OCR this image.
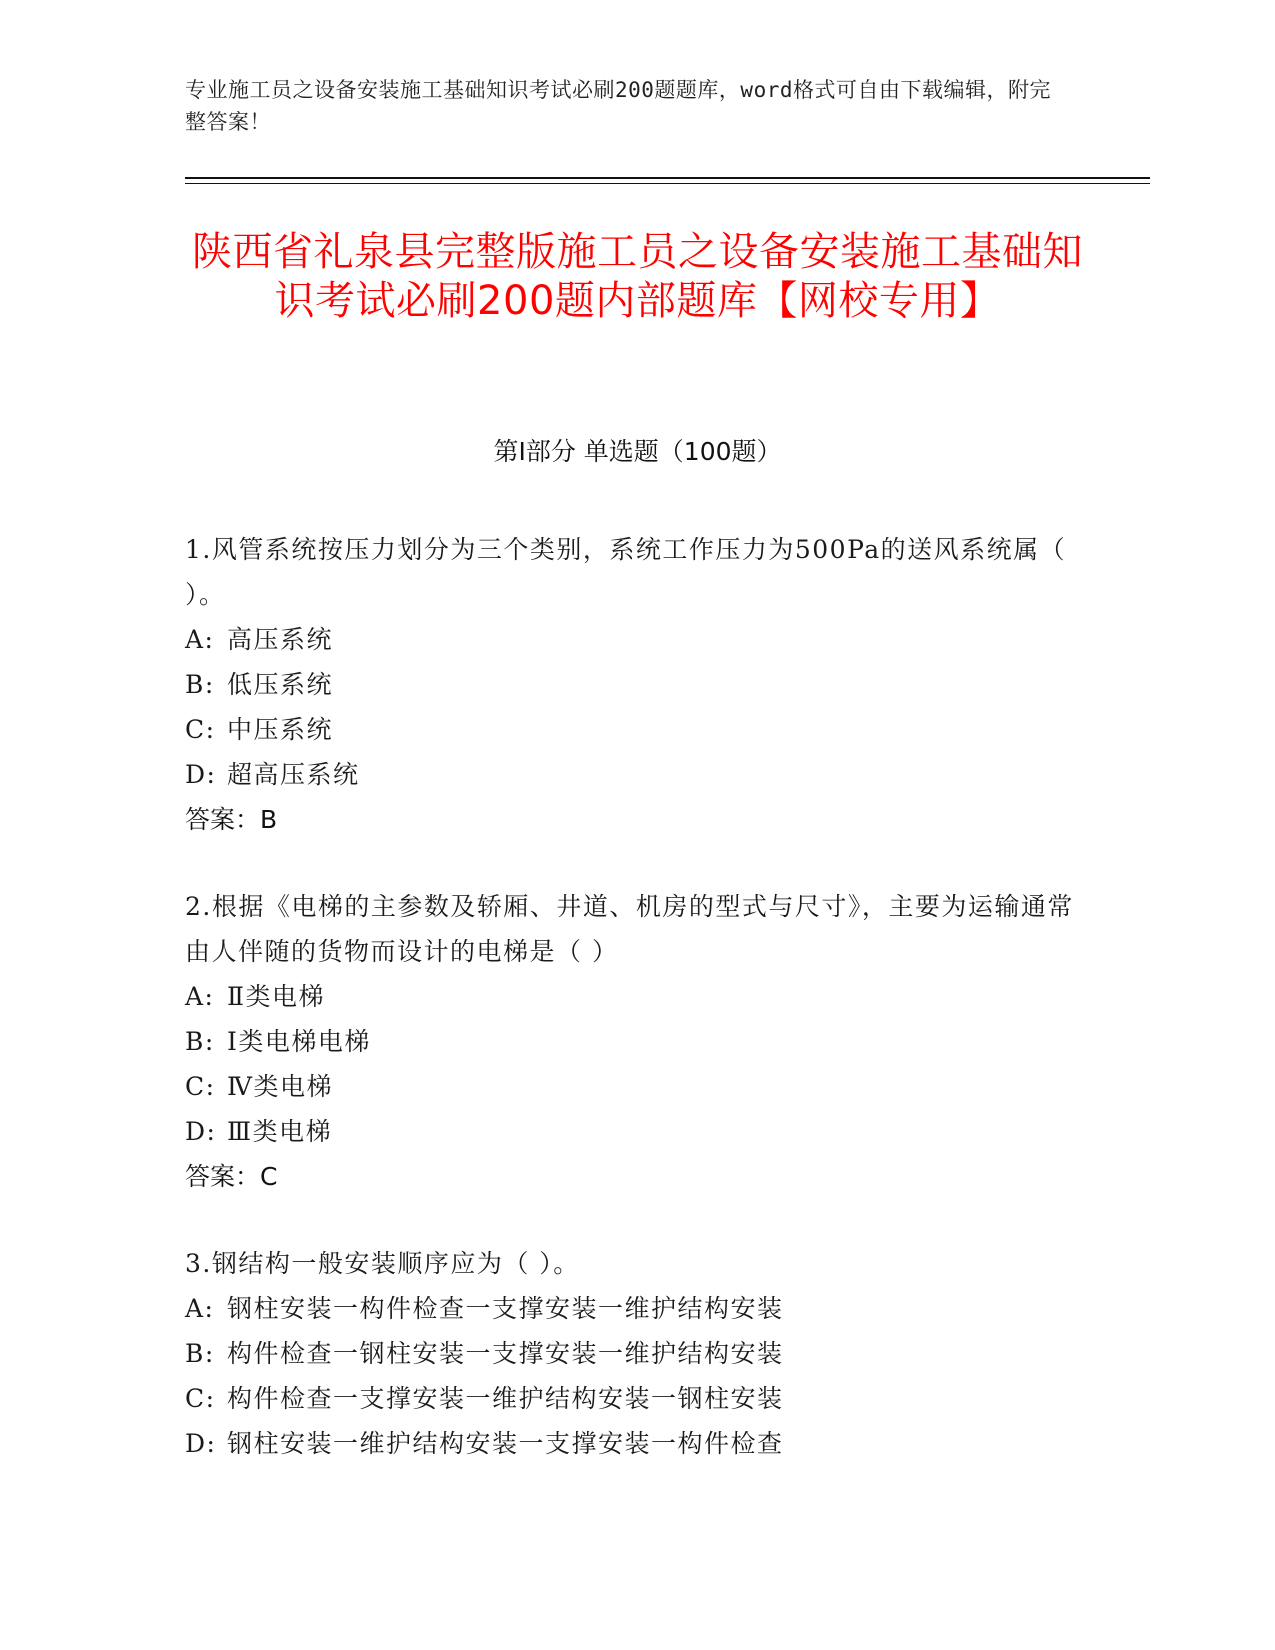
专业施工员之设备安装施工基础知识考试必刷200题题库，word格式可自由下载编辑，附完整答案！
陕西省礼泉县完整版施工员之设备安装施工基础知识考试必刷200题内部题库【网校专用】
第I部分 单选题（100题）

1.风管系统按压力划分为三个类别，系统工作压力为500Pa的送风系统属（ ）。

A: 高压系统

B: 低压系统

C: 中压系统

D: 超高压系统

答案：B

2.根据《电梯的主参数及轿厢、井道、机房的型式与尺寸》，主要为运输通常由人伴随的货物而设计的电梯是（ ）

A: Ⅱ类电梯

B: Ⅰ类电梯电梯

C: Ⅳ类电梯

D: Ⅲ类电梯

答案：C

3.钢结构一般安装顺序应为（ ）。

A: 钢柱安装一构件检查一支撑安装一维护结构安装

B: 构件检查一钢柱安装一支撑安装一维护结构安装

C: 构件检查一支撑安装一维护结构安装一钢柱安装

D: 钢柱安装一维护结构安装一支撑安装一构件检查
